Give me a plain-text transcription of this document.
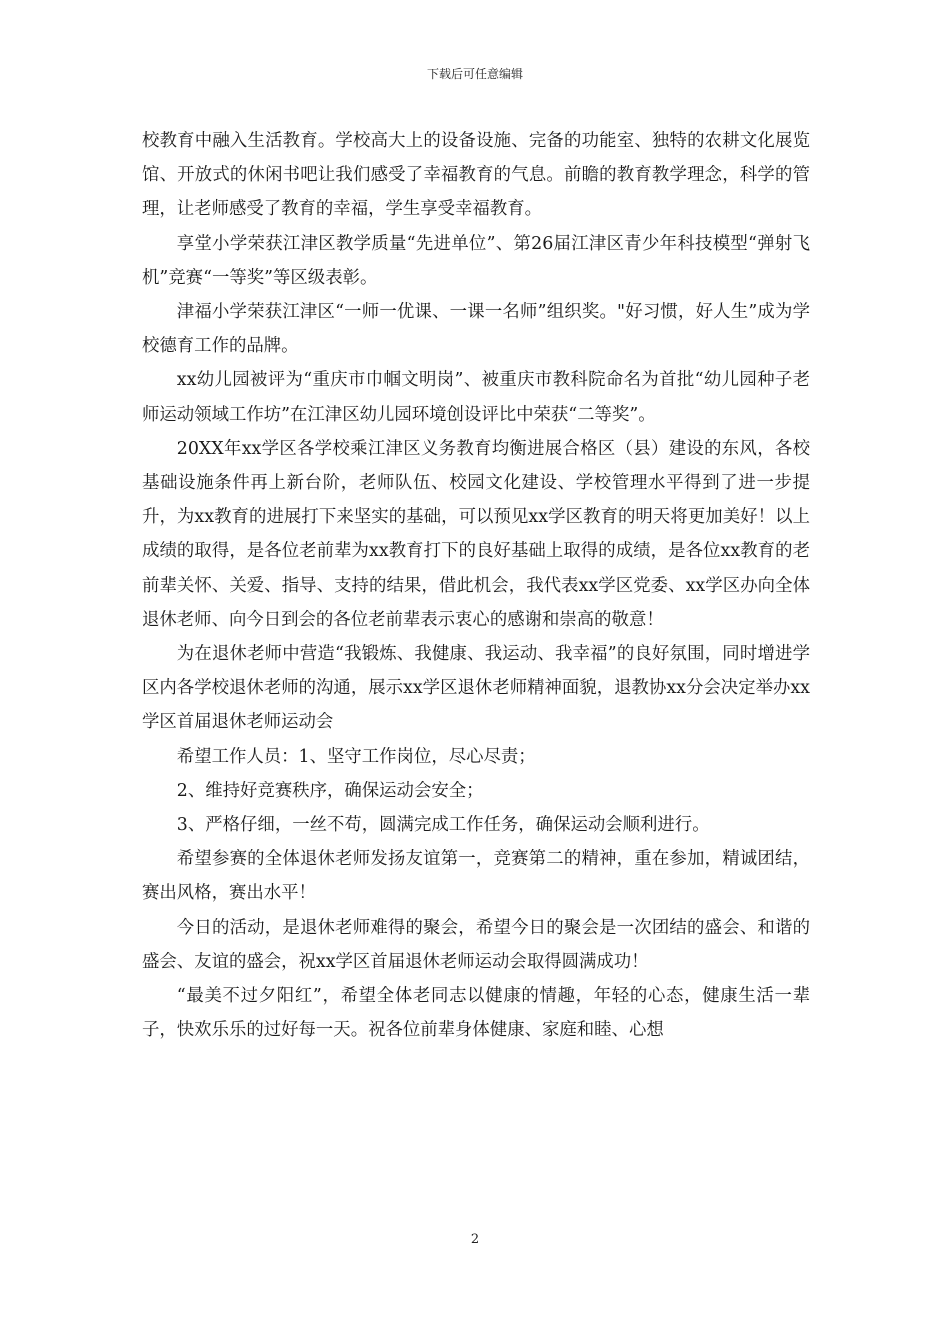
下载后可任意编辑

校教育中融入生活教育。学校高大上的设备设施、完备的功能室、独特的农耕文化展览馆、开放式的休闲书吧让我们感受了幸福教育的气息。前瞻的教育教学理念，科学的管理，让老师感受了教育的幸福，学生享受幸福教育。

享堂小学荣获江津区教学质量“先进单位”、第26届江津区青少年科技模型“弹射飞机”竞赛“一等奖”等区级表彰。

津福小学荣获江津区“一师一优课、一课一名师”组织奖。"好习惯，好人生”成为学校德育工作的品牌。

xx幼儿园被评为“重庆市巾帼文明岗”、被重庆市教科院命名为首批“幼儿园种子老师运动领域工作坊”在江津区幼儿园环境创设评比中荣获“二等奖”。

20XX年xx学区各学校乘江津区义务教育均衡进展合格区（县）建设的东风，各校基础设施条件再上新台阶，老师队伍、校园文化建设、学校管理水平得到了进一步提升，为xx教育的进展打下来坚实的基础，可以预见xx学区教育的明天将更加美好！以上成绩的取得，是各位老前辈为xx教育打下的良好基础上取得的成绩，是各位xx教育的老前辈关怀、关爱、指导、支持的结果，借此机会，我代表xx学区党委、xx学区办向全体退休老师、向今日到会的各位老前辈表示衷心的感谢和崇高的敬意！

为在退休老师中营造“我锻炼、我健康、我运动、我幸福”的良好氛围，同时增进学区内各学校退休老师的沟通，展示xx学区退休老师精神面貌，退教协xx分会决定举办xx学区首届退休老师运动会

希望工作人员：1、坚守工作岗位，尽心尽责；

2、维持好竞赛秩序，确保运动会安全；

3、严格仔细，一丝不苟，圆满完成工作任务，确保运动会顺利进行。

希望参赛的全体退休老师发扬友谊第一，竞赛第二的精神，重在参加，精诚团结，赛出风格，赛出水平！

今日的活动，是退休老师难得的聚会，希望今日的聚会是一次团结的盛会、和谐的盛会、友谊的盛会，祝xx学区首届退休老师运动会取得圆满成功！

“最美不过夕阳红”，希望全体老同志以健康的情趣，年轻的心态，健康生活一辈子，快欢乐乐的过好每一天。祝各位前辈身体健康、家庭和睦、心想

2
